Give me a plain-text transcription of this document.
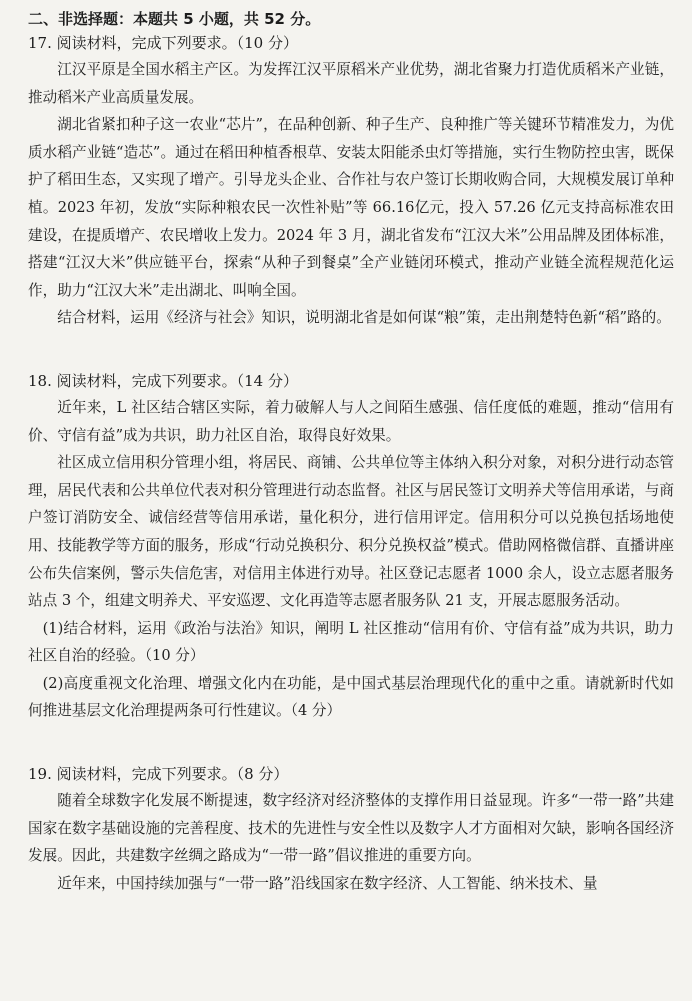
二、非选择题：本题共 5 小题，共 52 分。
17. 阅读材料，完成下列要求。（10 分）

江汉平原是全国水稻主产区。为发挥江汉平原稻米产业优势，湖北省聚力打造优质稻米产业链，推动稻米产业高质量发展。

湖北省紧扣种子这一农业“芯片”，在品种创新、种子生产、良种推广等关键环节精准发力，为优质水稻产业链“造芯”。通过在稻田种植香根草、安装太阳能杀虫灯等措施，实行生物防控虫害，既保护了稻田生态，又实现了增产。引导龙头企业、合作社与农户签订长期收购合同，大规模发展订单种植。2023 年初，发放“实际种粮农民一次性补贴”等 66.16亿元，投入 57.26 亿元支持高标准农田建设，在提质增产、农民增收上发力。2024 年 3 月，湖北省发布“江汉大米”公用品牌及团体标准，搭建“江汉大米”供应链平台，探索“从种子到餐桌”全产业链闭环模式，推动产业链全流程规范化运作，助力“江汉大米”走出湖北、叫响全国。

结合材料，运用《经济与社会》知识，说明湖北省是如何谋“粮”策，走出荆楚特色新“稻”路的。

18. 阅读材料，完成下列要求。（14 分）

近年来，L 社区结合辖区实际，着力破解人与人之间陌生感强、信任度低的难题，推动“信用有价、守信有益”成为共识，助力社区自治，取得良好效果。

社区成立信用积分管理小组，将居民、商铺、公共单位等主体纳入积分对象，对积分进行动态管理，居民代表和公共单位代表对积分管理进行动态监督。社区与居民签订文明养犬等信用承诺，与商户签订消防安全、诚信经营等信用承诺，量化积分，进行信用评定。信用积分可以兑换包括场地使用、技能教学等方面的服务，形成“行动兑换积分、积分兑换权益”模式。借助网格微信群、直播讲座公布失信案例，警示失信危害，对信用主体进行劝导。社区登记志愿者 1000 余人，设立志愿者服务站点 3 个，组建文明养犬、平安巡逻、文化再造等志愿者服务队 21 支，开展志愿服务活动。

(1)结合材料，运用《政治与法治》知识，阐明 L 社区推动“信用有价、守信有益”成为共识，助力社区自治的经验。（10 分）

(2)高度重视文化治理、增强文化内在功能，是中国式基层治理现代化的重中之重。请就新时代如何推进基层文化治理提两条可行性建议。（4 分）

19. 阅读材料，完成下列要求。（8 分）

随着全球数字化发展不断提速，数字经济对经济整体的支撑作用日益显现。许多“一带一路”共建国家在数字基础设施的完善程度、技术的先进性与安全性以及数字人才方面相对欠缺，影响各国经济发展。因此，共建数字丝绸之路成为“一带一路”倡议推进的重要方向。

近年来，中国持续加强与“一带一路”沿线国家在数字经济、人工智能、纳米技术、量
